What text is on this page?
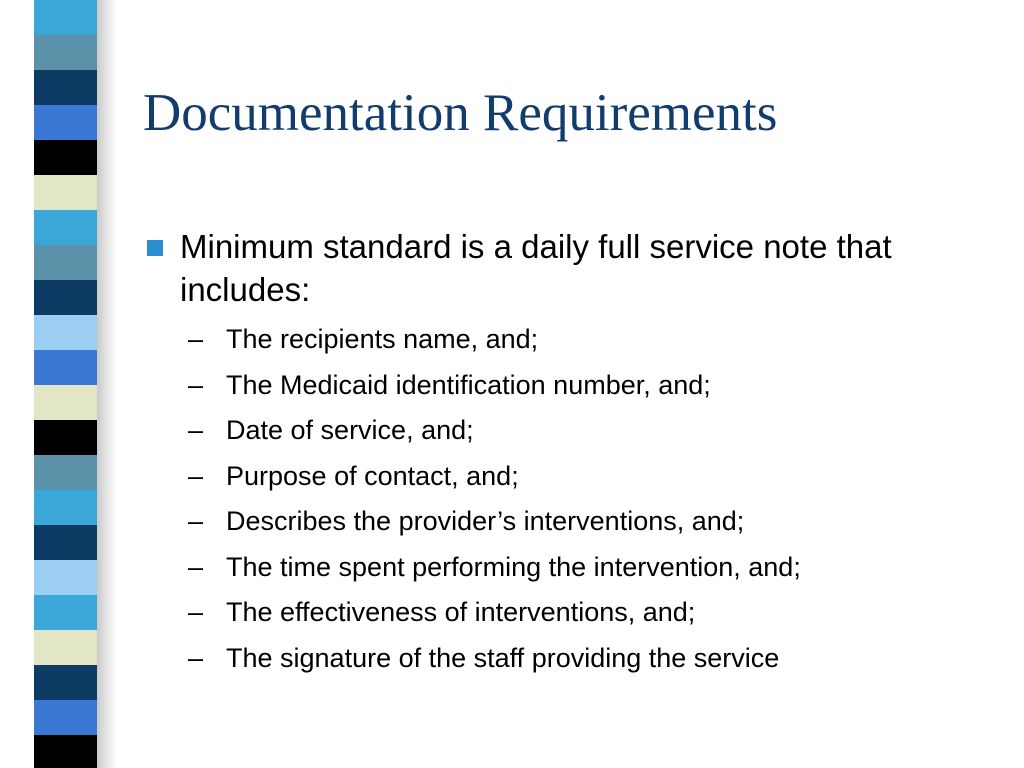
Documentation Requirements
Minimum standard is a daily full service note that includes:
– The recipients name, and;
– The Medicaid identification number, and;
– Date of service, and;
– Purpose of contact, and;
– Describes the provider’s interventions, and;
– The time spent performing the intervention, and;
– The effectiveness of interventions, and;
– The signature of the staff providing the service
